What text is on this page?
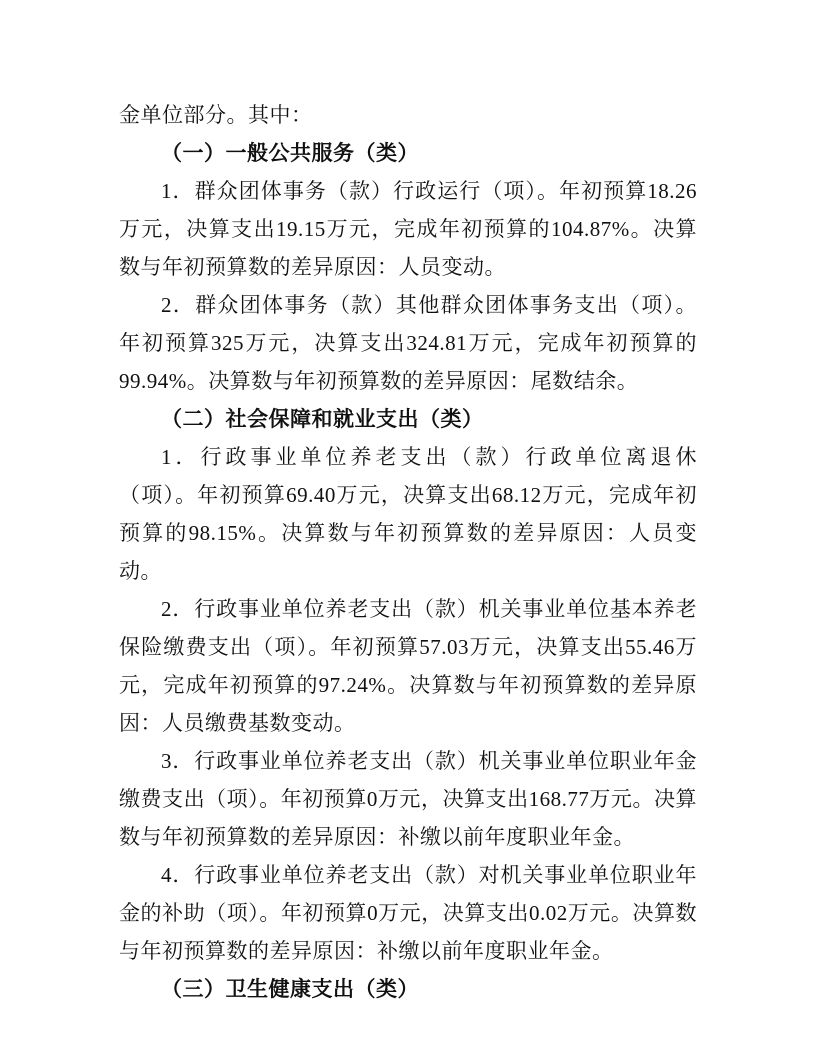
金单位部分。其中：

（一）一般公共服务（类）

1．群众团体事务（款）行政运行（项）。年初预算18.26万元，决算支出19.15万元，完成年初预算的104.87%。决算数与年初预算数的差异原因：人员变动。

2．群众团体事务（款）其他群众团体事务支出（项）。年初预算325万元，决算支出324.81万元，完成年初预算的99.94%。决算数与年初预算数的差异原因：尾数结余。

（二）社会保障和就业支出（类）

1．行政事业单位养老支出（款）行政单位离退休（项）。年初预算69.40万元，决算支出68.12万元，完成年初预算的98.15%。决算数与年初预算数的差异原因：人员变动。

2．行政事业单位养老支出（款）机关事业单位基本养老保险缴费支出（项）。年初预算57.03万元，决算支出55.46万元，完成年初预算的97.24%。决算数与年初预算数的差异原因：人员缴费基数变动。

3．行政事业单位养老支出（款）机关事业单位职业年金缴费支出（项）。年初预算0万元，决算支出168.77万元。决算数与年初预算数的差异原因：补缴以前年度职业年金。

4．行政事业单位养老支出（款）对机关事业单位职业年金的补助（项）。年初预算0万元，决算支出0.02万元。决算数与年初预算数的差异原因：补缴以前年度职业年金。

（三）卫生健康支出（类）
